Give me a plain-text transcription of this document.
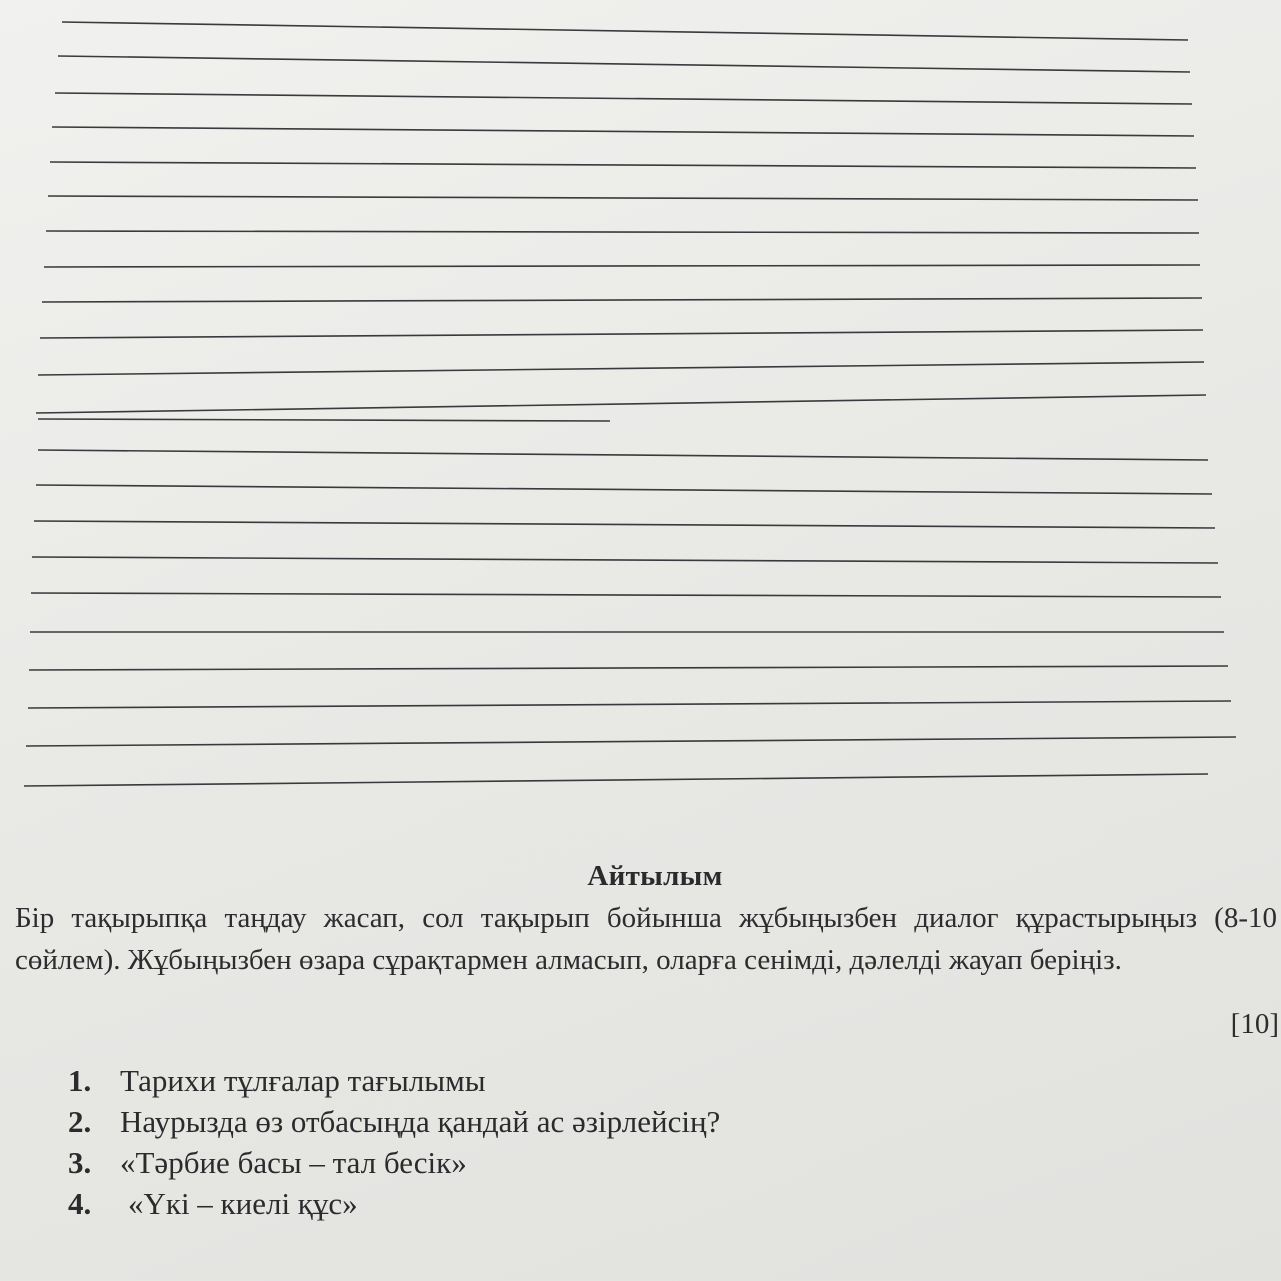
Айтылым
Бір тақырыпқа таңдау жасап, сол тақырып бойынша жұбыңызбен диалог құрастырыңыз (8-10 сөйлем). Жұбыңызбен өзара сұрақтармен алмасып, оларға сенімді, дәлелді жауап беріңіз.
[10]
1. Тарихи тұлғалар тағылымы
2. Наурызда өз отбасыңда қандай ас әзірлейсің?
3. «Тәрбие басы – тал бесік»
4.	«Үкі – киелі құс»
